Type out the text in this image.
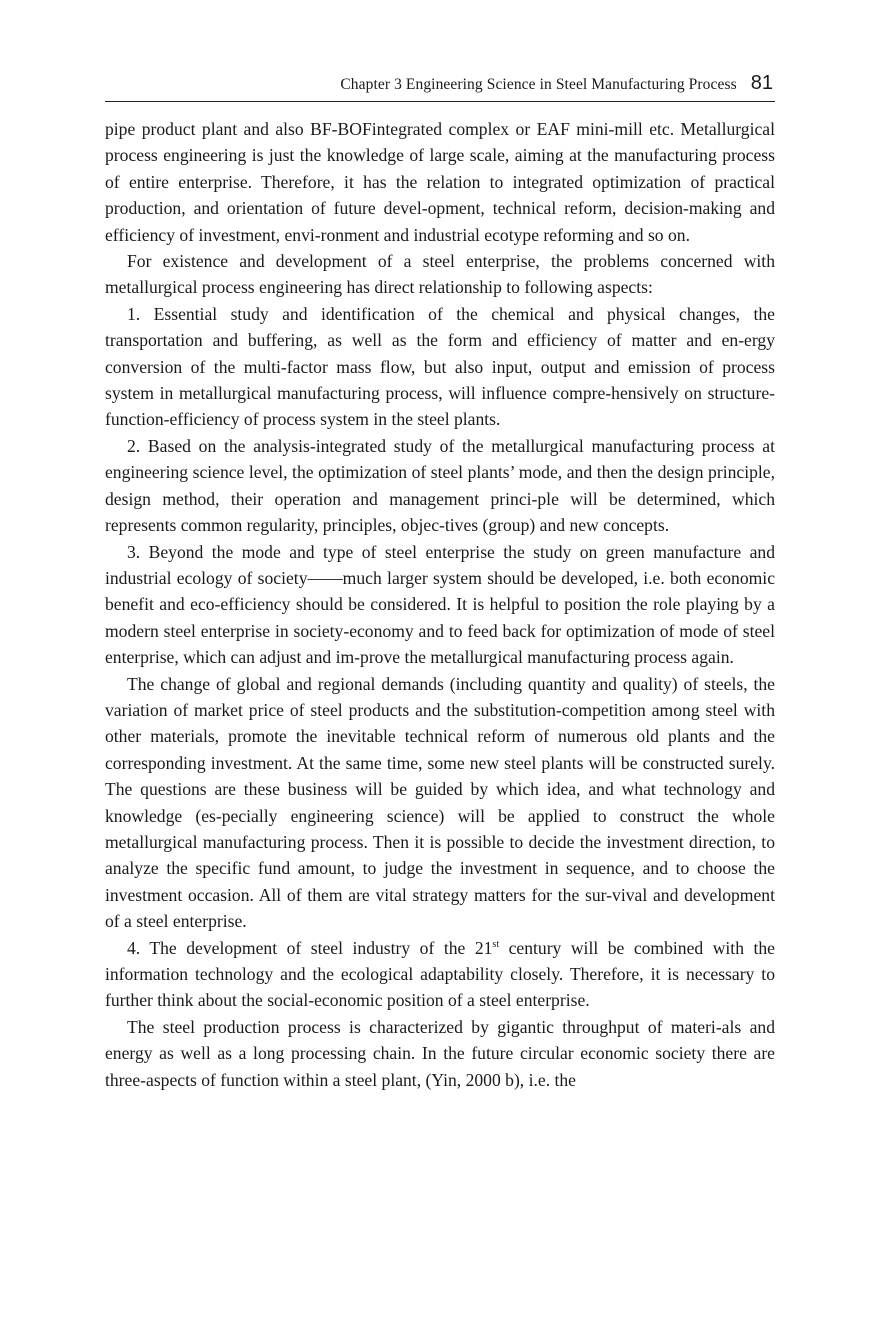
Chapter 3 Engineering Science in Steel Manufacturing Process 81

pipe product plant and also BF-BOFintegrated complex or EAF mini-mill etc. Metallurgical process engineering is just the knowledge of large scale, aiming at the manufacturing process of entire enterprise. Therefore, it has the relation to integrated optimization of practical production, and orientation of future devel-opment, technical reform, decision-making and efficiency of investment, envi-ronment and industrial ecotype reforming and so on.

For existence and development of a steel enterprise, the problems concerned with metallurgical process engineering has direct relationship to following aspects:

1. Essential study and identification of the chemical and physical changes, the transportation and buffering, as well as the form and efficiency of matter and en-ergy conversion of the multi-factor mass flow, but also input, output and emission of process system in metallurgical manufacturing process, will influence compre-hensively on structure-function-efficiency of process system in the steel plants.

2. Based on the analysis-integrated study of the metallurgical manufacturing process at engineering science level, the optimization of steel plants’ mode, and then the design principle, design method, their operation and management princi-ple will be determined, which represents common regularity, principles, objec-tives (group) and new concepts.

3. Beyond the mode and type of steel enterprise the study on green manufacture and industrial ecology of society——much larger system should be developed, i.e. both economic benefit and eco-efficiency should be considered. It is helpful to position the role playing by a modern steel enterprise in society-economy and to feed back for optimization of mode of steel enterprise, which can adjust and im-prove the metallurgical manufacturing process again.

The change of global and regional demands (including quantity and quality) of steels, the variation of market price of steel products and the substitution-competition among steel with other materials, promote the inevitable technical reform of numerous old plants and the corresponding investment. At the same time, some new steel plants will be constructed surely. The questions are these business will be guided by which idea, and what technology and knowledge (es-pecially engineering science) will be applied to construct the whole metallurgical manufacturing process. Then it is possible to decide the investment direction, to analyze the specific fund amount, to judge the investment in sequence, and to choose the investment occasion. All of them are vital strategy matters for the sur-vival and development of a steel enterprise.

4. The development of steel industry of the 21st century will be combined with the information technology and the ecological adaptability closely. Therefore, it is necessary to further think about the social-economic position of a steel enterprise.

The steel production process is characterized by gigantic throughput of materi-als and energy as well as a long processing chain. In the future circular economic society there are three-aspects of function within a steel plant, (Yin, 2000 b), i.e. the
